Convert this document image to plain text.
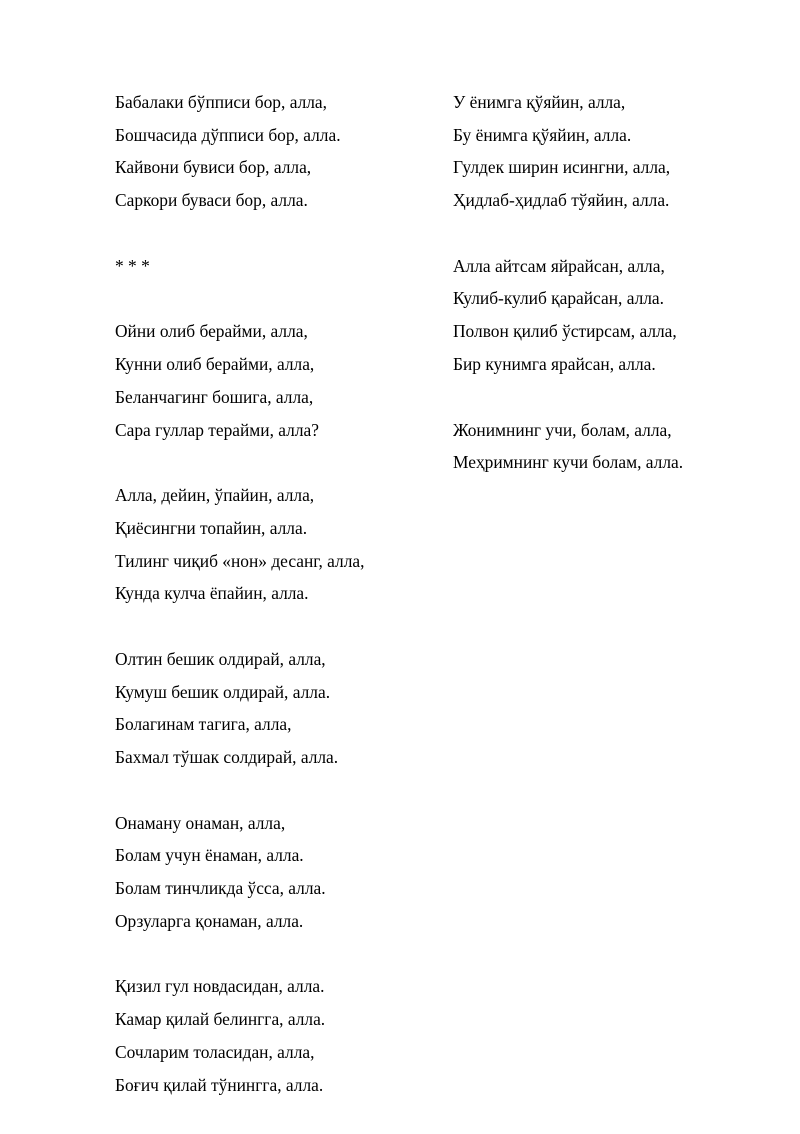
Бабалаки бўпписи бор, алла,
Бошчасида дўпписи бор, алла.
Кайвони бувиси бор, алла,
Саркори буваси бор, алла.
* * *
Ойни олиб берайми, алла,
Кунни олиб берайми, алла,
Беланчагинг бошига, алла,
Сара гуллар терайми, алла?
Алла, дейин, ўпайин, алла,
Қиёсингни топайин, алла.
Тилинг чиқиб «нон» десанг, алла,
Кунда кулча ёпайин, алла.
Олтин бешик олдирай, алла,
Кумуш бешик олдирай, алла.
Болагинам тагига, алла,
Бахмал тўшак солдирай, алла.
Онаману онаман, алла,
Болам учун ёнаман, алла.
Болам тинчликда ўсса, алла.
Орзуларга қонаман, алла.
Қизил гул новдасидан, алла.
Камар қилай белингга, алла.
Сочларим толасидан, алла,
Боғич қилай тўнингга, алла.
У ёнимга қўяйин, алла,
Бу ёнимга қўяйин, алла.
Гулдек ширин исингни, алла,
Ҳидлаб-ҳидлаб тўяйин, алла.
Алла айтсам яйрайсан, алла,
Кулиб-кулиб қарайсан, алла.
Полвон қилиб ўстирсам, алла,
Бир кунимга ярайсан, алла.
Жонимнинг учи, болам, алла,
Меҳримнинг кучи болам, алла.
